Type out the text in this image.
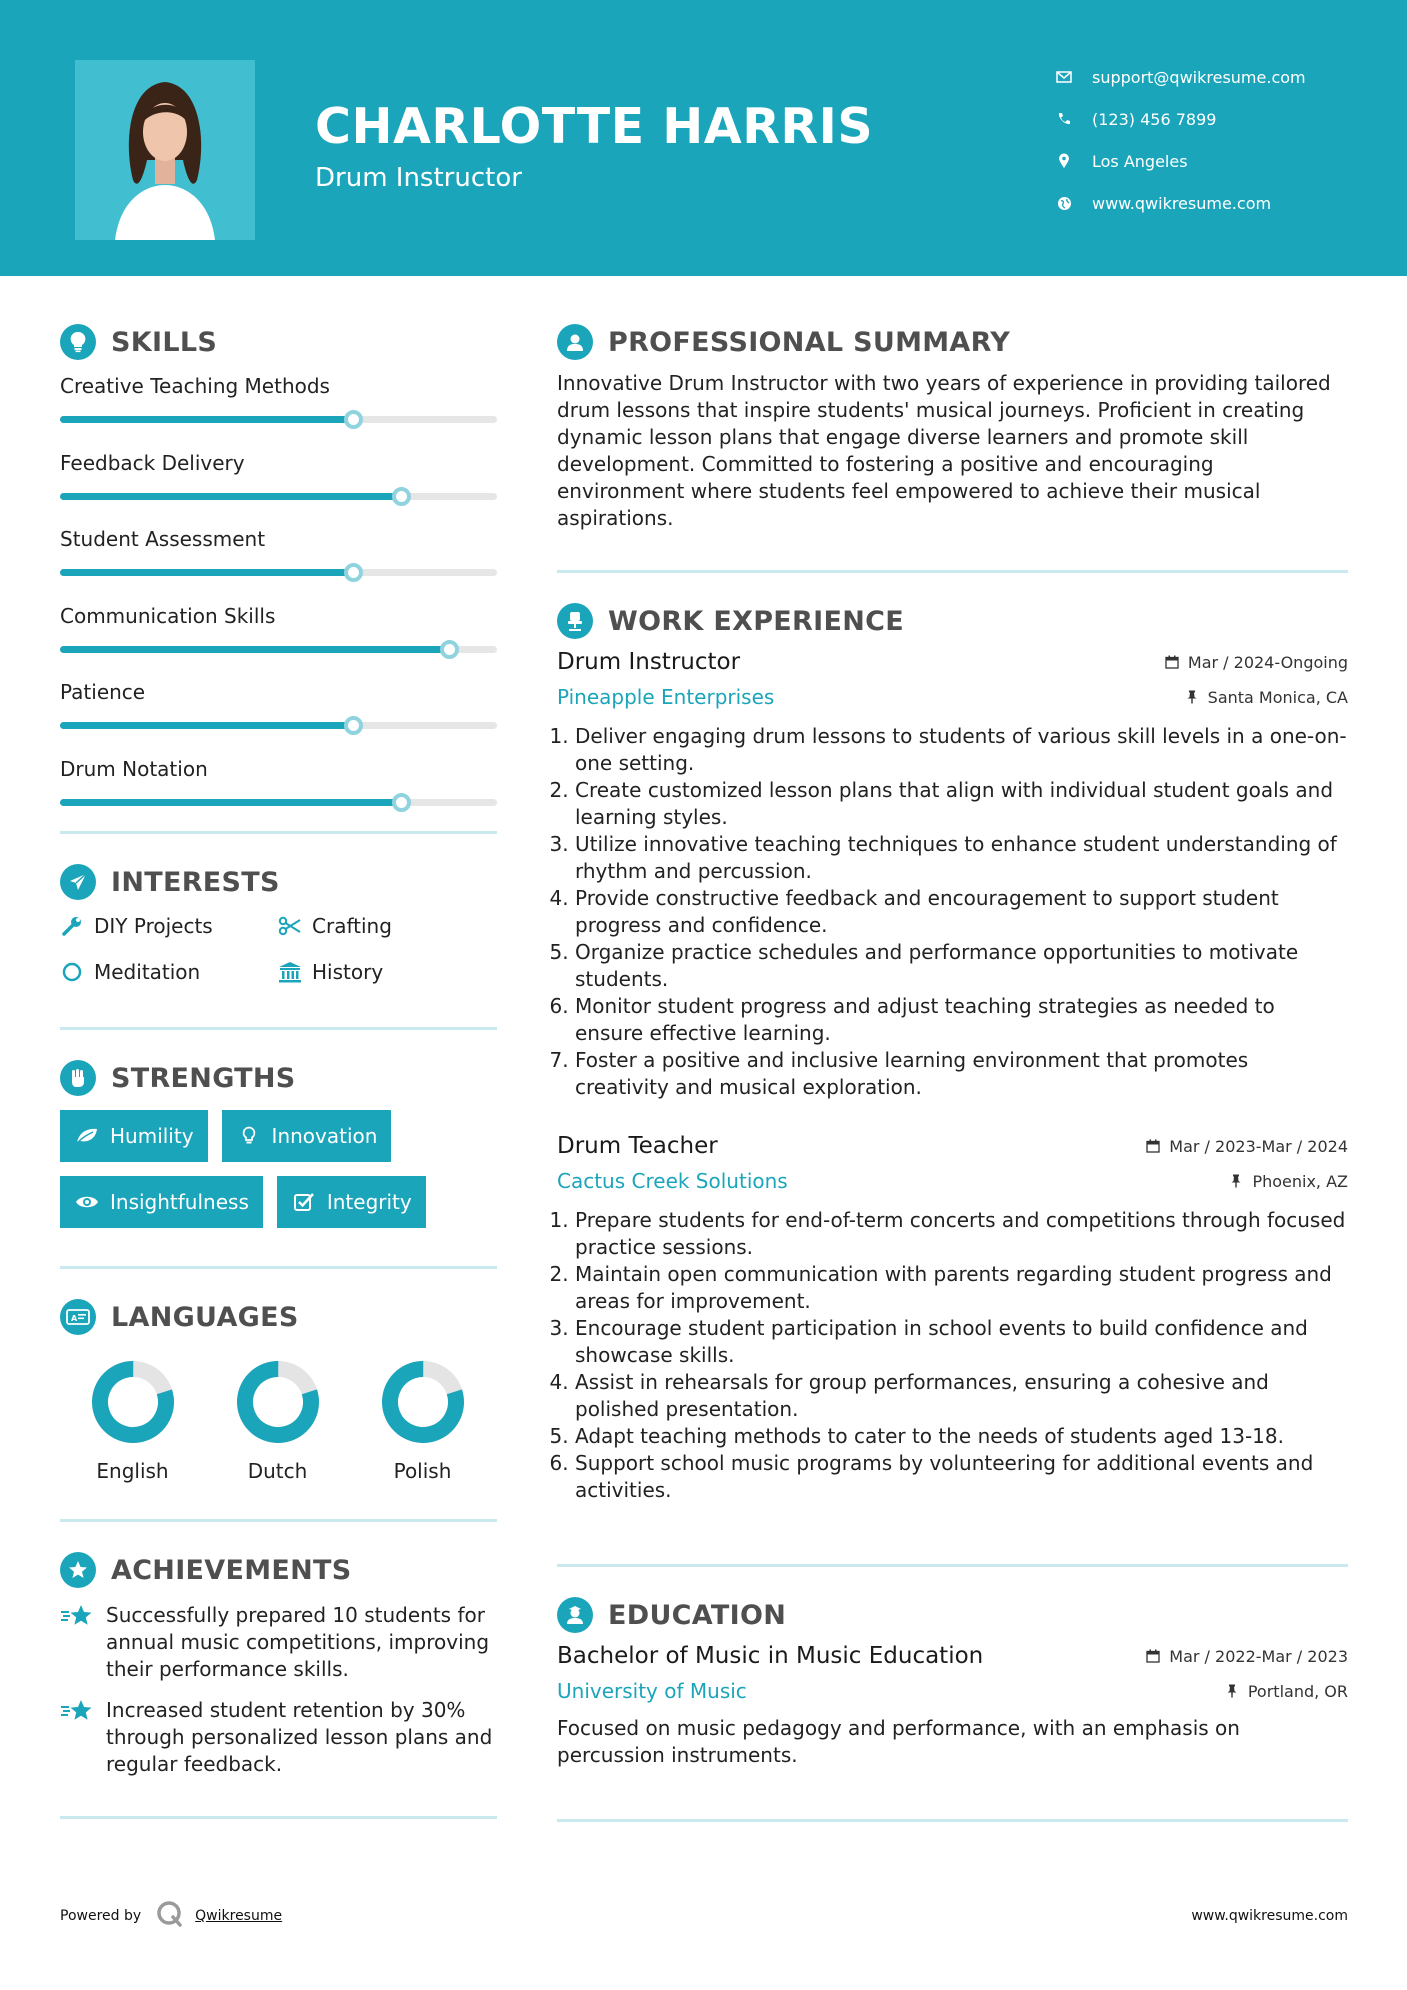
CHARLOTTE HARRIS
Drum Instructor
support@qwikresume.com
(123) 456 7899
Los Angeles
www.qwikresume.com
SKILLS
Creative Teaching Methods
Feedback Delivery
Student Assessment
Communication Skills
Patience
Drum Notation
INTERESTS
DIY Projects	Crafting
Meditation	History
STRENGTHS
Humility	Innovation
Insightfulness	Integrity
A LANGUAGES
English	Dutch	Polish
ACHIEVEMENTS
Successfully prepared 10 students for annual music competitions, improving their performance skills.
Increased student retention by 30% through personalized lesson plans and regular feedback.
PROFESSIONAL SUMMARY
Innovative Drum Instructor with two years of experience in providing tailored drum lessons that inspire students' musical journeys. Proficient in creating dynamic lesson plans that engage diverse learners and promote skill development. Committed to fostering a positive and encouraging environment where students feel empowered to achieve their musical aspirations.
WORK EXPERIENCE
Drum Instructor	Mar / 2024-Ongoing
Pineapple Enterprises	Santa Monica, CA
1. Deliver engaging drum lessons to students of various skill levels in a one-on-one setting.
2. Create customized lesson plans that align with individual student goals and learning styles.
3. Utilize innovative teaching techniques to enhance student understanding of rhythm and percussion.
4. Provide constructive feedback and encouragement to support student progress and confidence.
5. Organize practice schedules and performance opportunities to motivate students.
6. Monitor student progress and adjust teaching strategies as needed to ensure effective learning.
7. Foster a positive and inclusive learning environment that promotes creativity and musical exploration.
Drum Teacher	Mar / 2023-Mar / 2024
Cactus Creek Solutions	Phoenix, AZ
1. Prepare students for end-of-term concerts and competitions through focused practice sessions.
2. Maintain open communication with parents regarding student progress and areas for improvement.
3. Encourage student participation in school events to build confidence and showcase skills.
4. Assist in rehearsals for group performances, ensuring a cohesive and polished presentation.
5. Adapt teaching methods to cater to the needs of students aged 13-18.
6. Support school music programs by volunteering for additional events and activities.
EDUCATION
Bachelor of Music in Music Education	Mar / 2022-Mar / 2023
University of Music	Portland, OR
Focused on music pedagogy and performance, with an emphasis on percussion instruments.
Powered by	Qwikresume	www.qwikresume.com
